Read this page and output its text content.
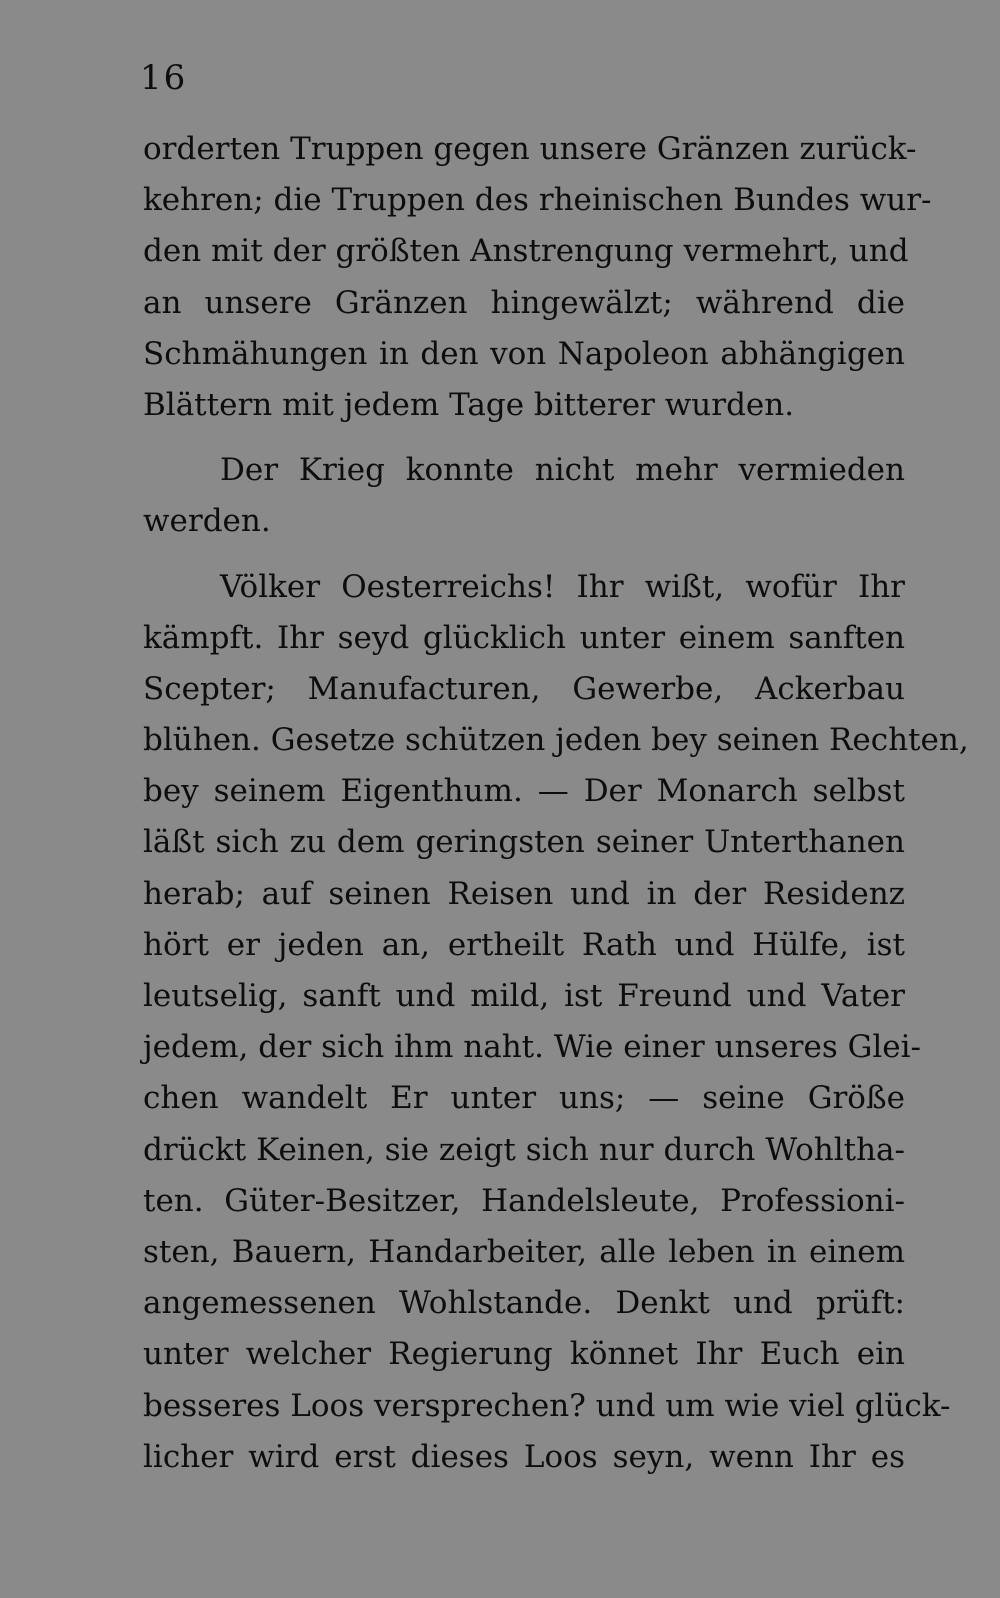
16
orderten Truppen gegen unsere Gränzen zurück-
kehren; die Truppen des rheinischen Bundes wur-
den mit der größten Anstrengung vermehrt, und
an unsere Gränzen hingewälzt; während die
Schmähungen in den von Napoleon abhängigen
Blättern mit jedem Tage bitterer wurden.
Der Krieg konnte nicht mehr vermieden
werden.
Völker Oesterreichs! Ihr wißt, wofür Ihr
kämpft. Ihr seyd glücklich unter einem sanften
Scepter; Manufacturen, Gewerbe, Ackerbau
blühen. Gesetze schützen jeden bey seinen Rechten,
bey seinem Eigenthum. — Der Monarch selbst
läßt sich zu dem geringsten seiner Unterthanen
herab; auf seinen Reisen und in der Residenz
hört er jeden an, ertheilt Rath und Hülfe, ist
leutselig, sanft und mild, ist Freund und Vater
jedem, der sich ihm naht. Wie einer unseres Glei-
chen wandelt Er unter uns; — seine Größe
drückt Keinen, sie zeigt sich nur durch Wohltha-
ten. Güter-Besitzer, Handelsleute, Professioni-
sten, Bauern, Handarbeiter, alle leben in einem
angemessenen Wohlstande. Denkt und prüft:
unter welcher Regierung könnet Ihr Euch ein
besseres Loos versprechen? und um wie viel glück-
licher wird erst dieses Loos seyn, wenn Ihr es
